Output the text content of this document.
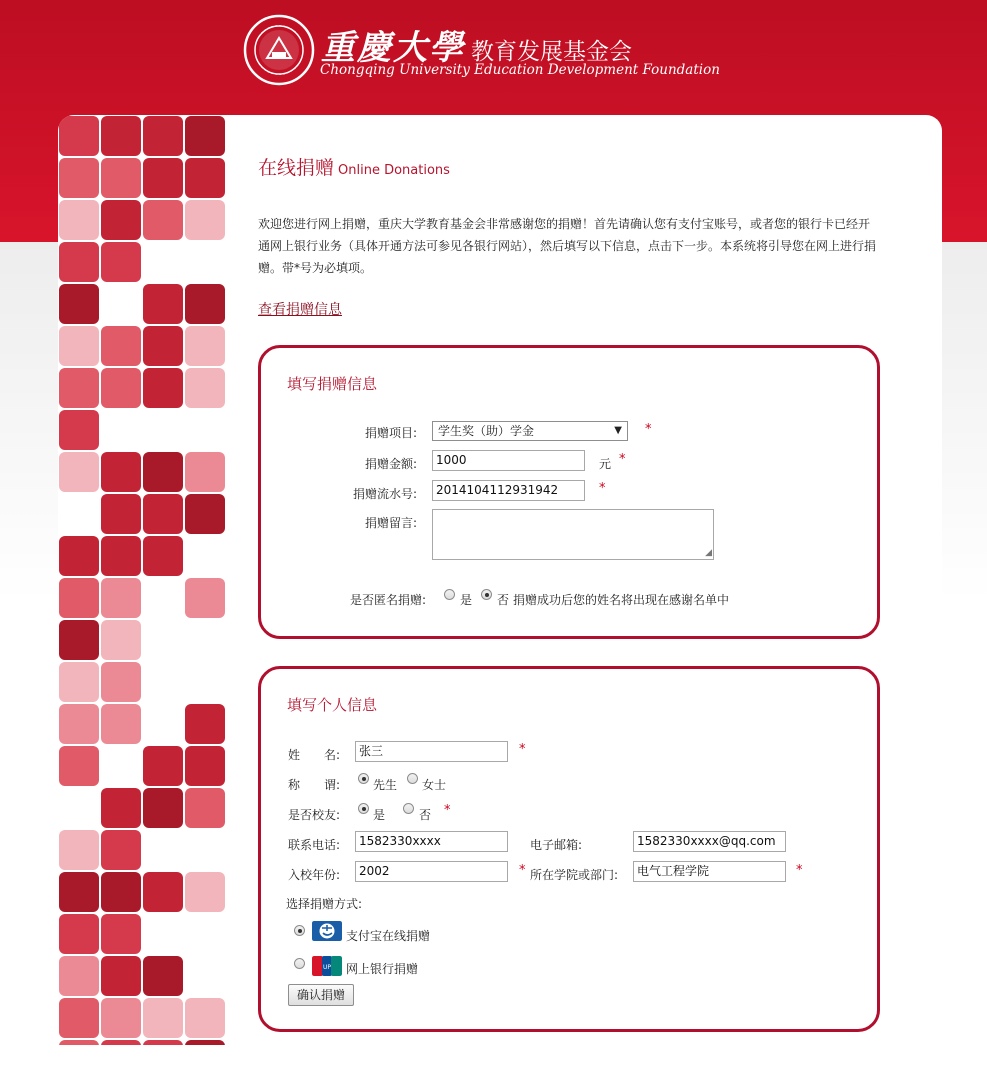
重慶大學 教育发展基金会
Chongqing University Education Development Foundation
在线捐赠 Online Donations
欢迎您进行网上捐赠，重庆大学教育基金会非常感谢您的捐赠！首先请确认您有支付宝账号，或者您的银行卡已经开通网上银行业务（具体开通方法可参见各银行网站），然后填写以下信息，点击下一步。本系统将引导您在网上进行捐赠。带*号为必填项。
查看捐赠信息
填写捐赠信息
捐赠项目:	学生奖（助）学金	▼ *
捐赠金额:	1000	元 *
捐赠流水号:	2014104112931942	*
捐赠留言:
◢
是否匿名捐赠:	是 否 捐赠成功后您的姓名将出现在感谢名单中
填写个人信息
姓　　名:	张三	*
称　　谓:	先生 女士
是否校友:	是	否 *
联系电话:	1582330xxxx	电子邮箱:	1582330xxxx@qq.com
入校年份:	2002	* 所在学院或部门:	电气工程学院	*
选择捐赠方式:
支付宝在线捐赠
UP 网上银行捐赠
确认捐赠
